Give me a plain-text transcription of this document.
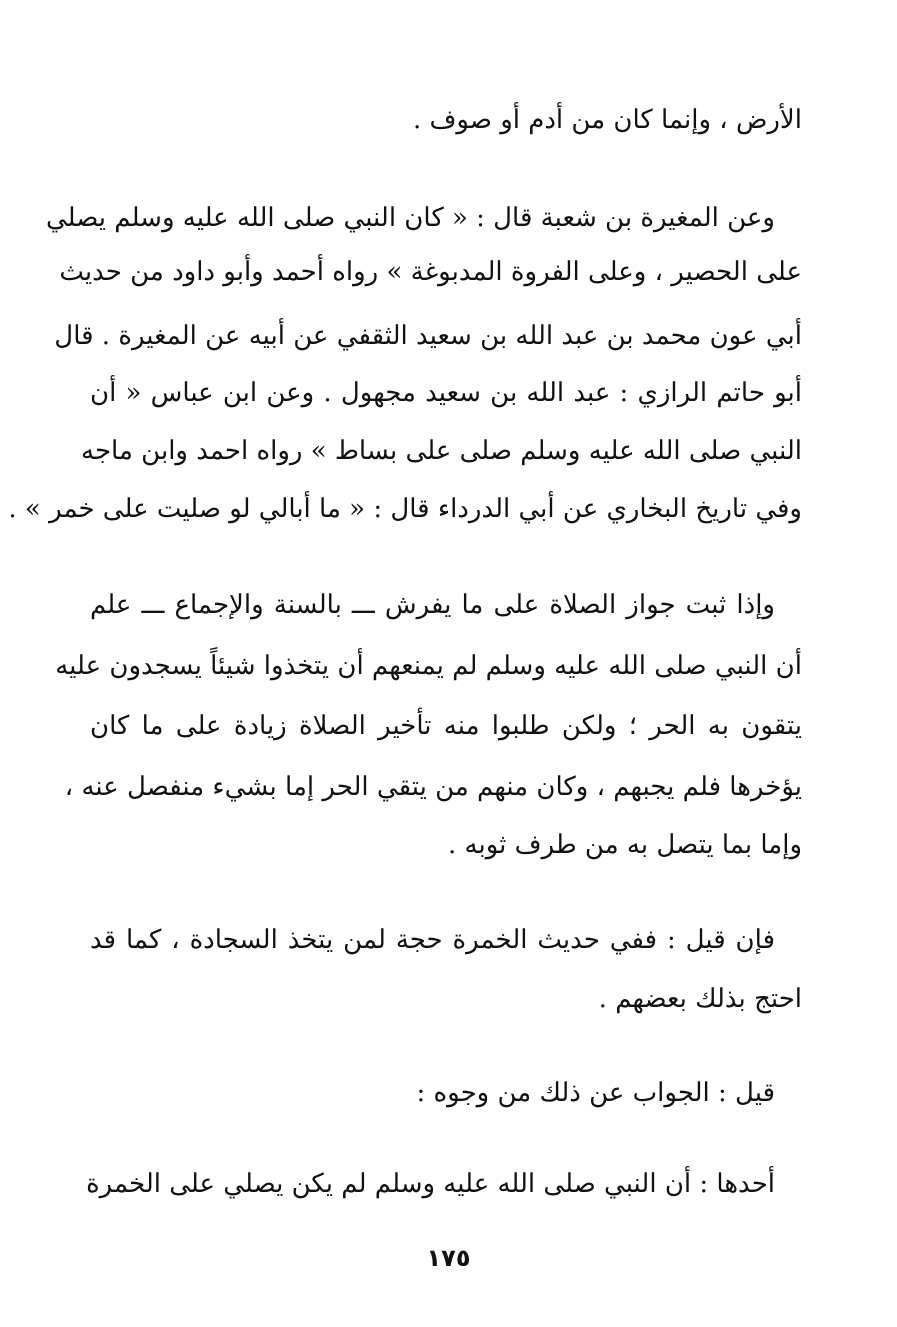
الأرض ، وإنما كان من أدم أو صوف .
وعن المغيرة بن شعبة قال : « كان النبي صلى الله عليه وسلم يصلي
على الحصير ، وعلى الفروة المدبوغة » رواه أحمد وأبو داود من حديث
أبي عون محمد بن عبد الله بن سعيد الثقفي عن أبيه عن المغيرة . قال
أبو حاتم الرازي : عبد الله بن سعيد مجهول . وعن ابن عباس « أن
النبي صلى الله عليه وسلم صلى على بساط » رواه احمد وابن ماجه
وفي تاريخ البخاري عن أبي الدرداء قال : « ما أبالي لو صليت على خمر » .
وإذا ثبت جواز الصلاة على ما يفرش ـــ بالسنة والإجماع ـــ علم
أن النبي صلى الله عليه وسلم لم يمنعهم أن يتخذوا شيئاً يسجدون عليه
يتقون به الحر ؛ ولكن طلبوا منه تأخير الصلاة زيادة على ما كان
يؤخرها فلم يجبهم ، وكان منهم من يتقي الحر إما بشيء منفصل عنه ،
وإما بما يتصل به من طرف ثوبه .
فإن قيل : ففي حديث الخمرة حجة لمن يتخذ السجادة ، كما قد
احتج بذلك بعضهم .
قيل : الجواب عن ذلك من وجوه :
أحدها : أن النبي صلى الله عليه وسلم لم يكن يصلي على الخمرة
١٧٥
